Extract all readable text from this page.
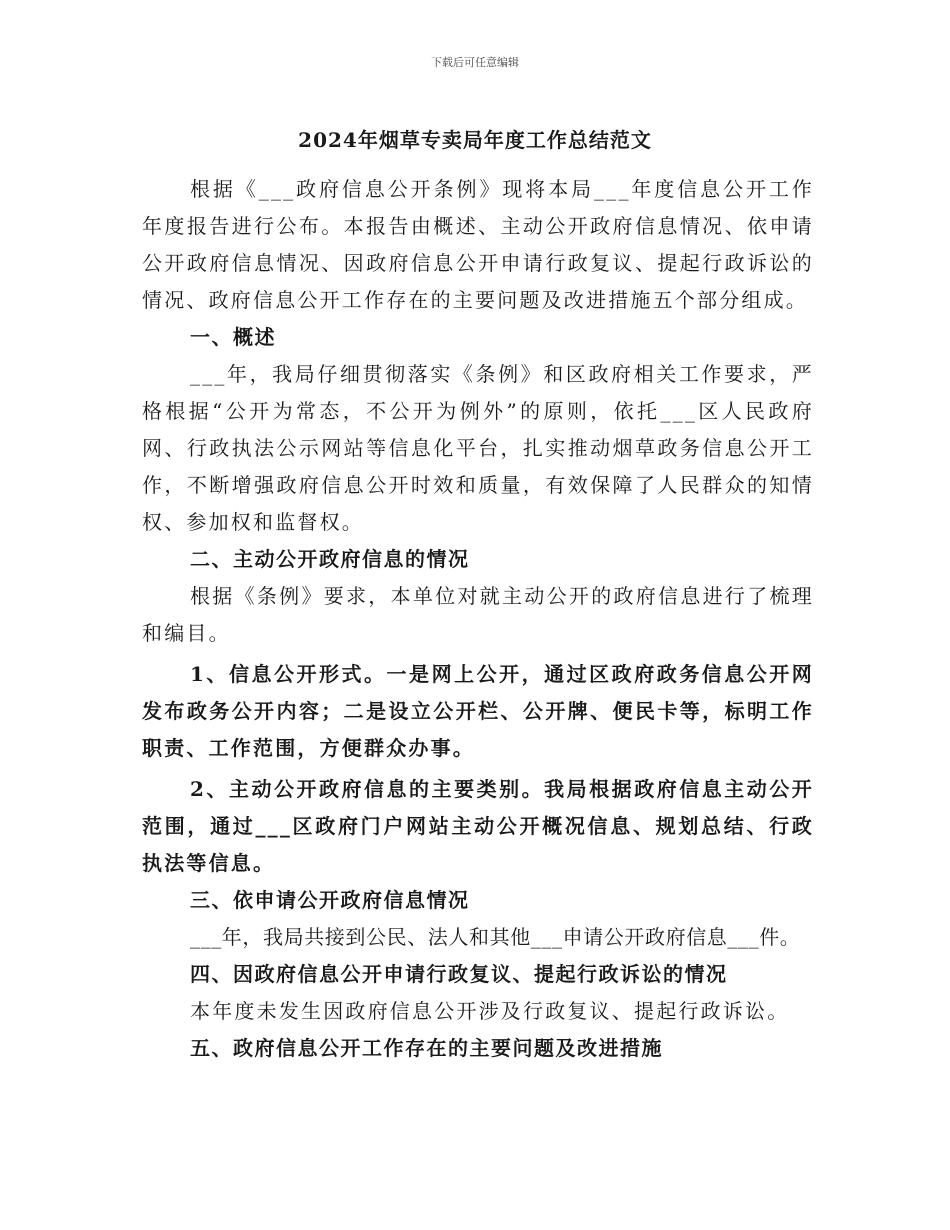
下载后可任意编辑
2024年烟草专卖局年度工作总结范文

根据《___政府信息公开条例》现将本局___年度信息公开工作年度报告进行公布。本报告由概述、主动公开政府信息情况、依申请公开政府信息情况、因政府信息公开申请行政复议、提起行政诉讼的情况、政府信息公开工作存在的主要问题及改进措施五个部分组成。

一、概述

___年，我局仔细贯彻落实《条例》和区政府相关工作要求，严格根据“公开为常态，不公开为例外”的原则，依托___区人民政府网、行政执法公示网站等信息化平台，扎实推动烟草政务信息公开工作，不断增强政府信息公开时效和质量，有效保障了人民群众的知情权、参加权和监督权。

二、主动公开政府信息的情况

根据《条例》要求，本单位对就主动公开的政府信息进行了梳理和编目。

1、信息公开形式。一是网上公开，通过区政府政务信息公开网发布政务公开内容；二是设立公开栏、公开牌、便民卡等，标明工作职责、工作范围，方便群众办事。

2、主动公开政府信息的主要类别。我局根据政府信息主动公开范围，通过___区政府门户网站主动公开概况信息、规划总结、行政执法等信息。

三、依申请公开政府信息情况

___年，我局共接到公民、法人和其他___申请公开政府信息___件。

四、因政府信息公开申请行政复议、提起行政诉讼的情况

本年度未发生因政府信息公开涉及行政复议、提起行政诉讼。

五、政府信息公开工作存在的主要问题及改进措施
